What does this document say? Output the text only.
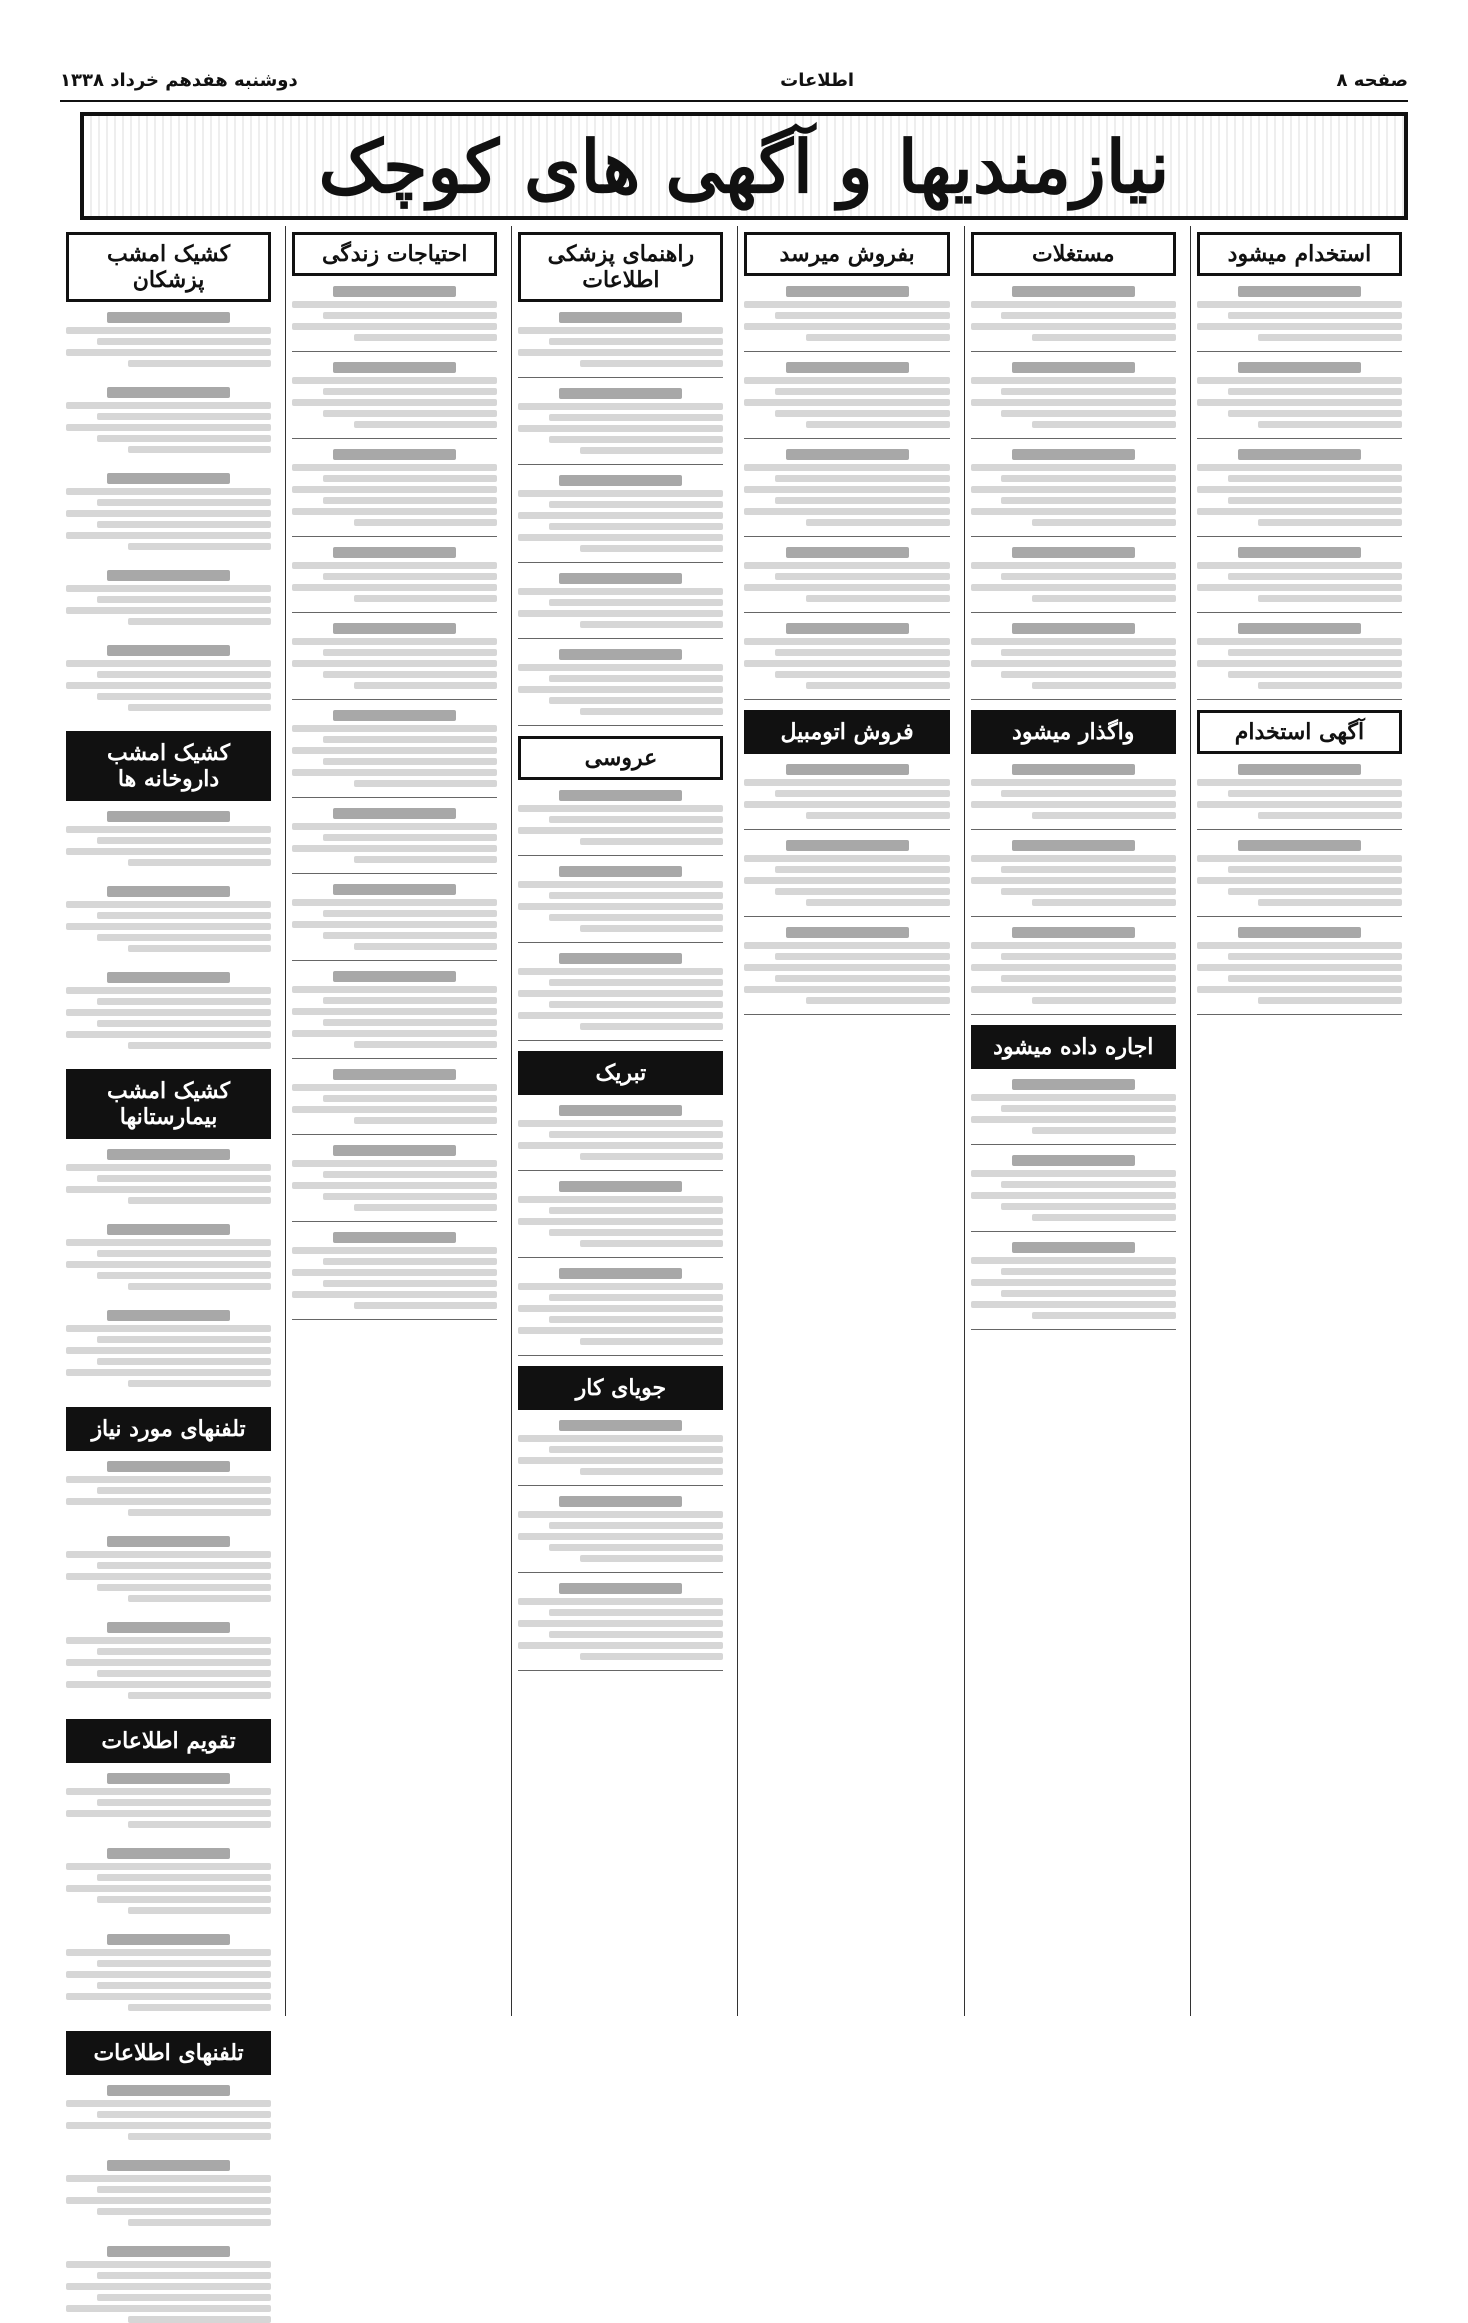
صفحه ۸
اطلاعات
دوشنبه هفدهم خرداد ۱۳۳۸
نیازمندیها و آگهی های کوچک
استخدام میشود
آگهی استخدام
مستغلات
واگذار میشود
اجاره داده میشود
بفروش میرسد
فروش اتومبیل
راهنمای پزشکی اطلاعات
عروسی
تبریک
جویای کار
احتیاجات زندگی
کشیک امشب پزشکان
کشیک امشب داروخانه ها
کشیک امشب بیمارستانها
تلفنهای مورد نیاز
تقویم اطلاعات
تلفنهای اطلاعات
